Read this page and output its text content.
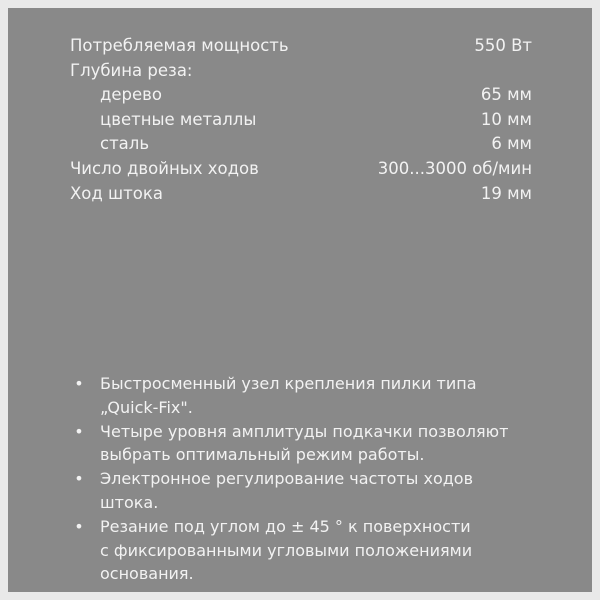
Потребляемая мощность	550 Вт
Глубина реза:
дерево	65 мм
цветные металлы	10 мм
сталь	6 мм
Число двойных ходов	300...3000 об/мин
Ход штока	19 мм
• Быстросменный узел крепления пилки типа
„Quick-Fix".
• Четыре уровня амплитуды подкачки позволяют
выбрать оптимальный режим работы.
• Электронное регулирование частоты ходов
штока.
• Резание под углом до ± 45 ° к поверхности
с фиксированными угловыми положениями
основания.
